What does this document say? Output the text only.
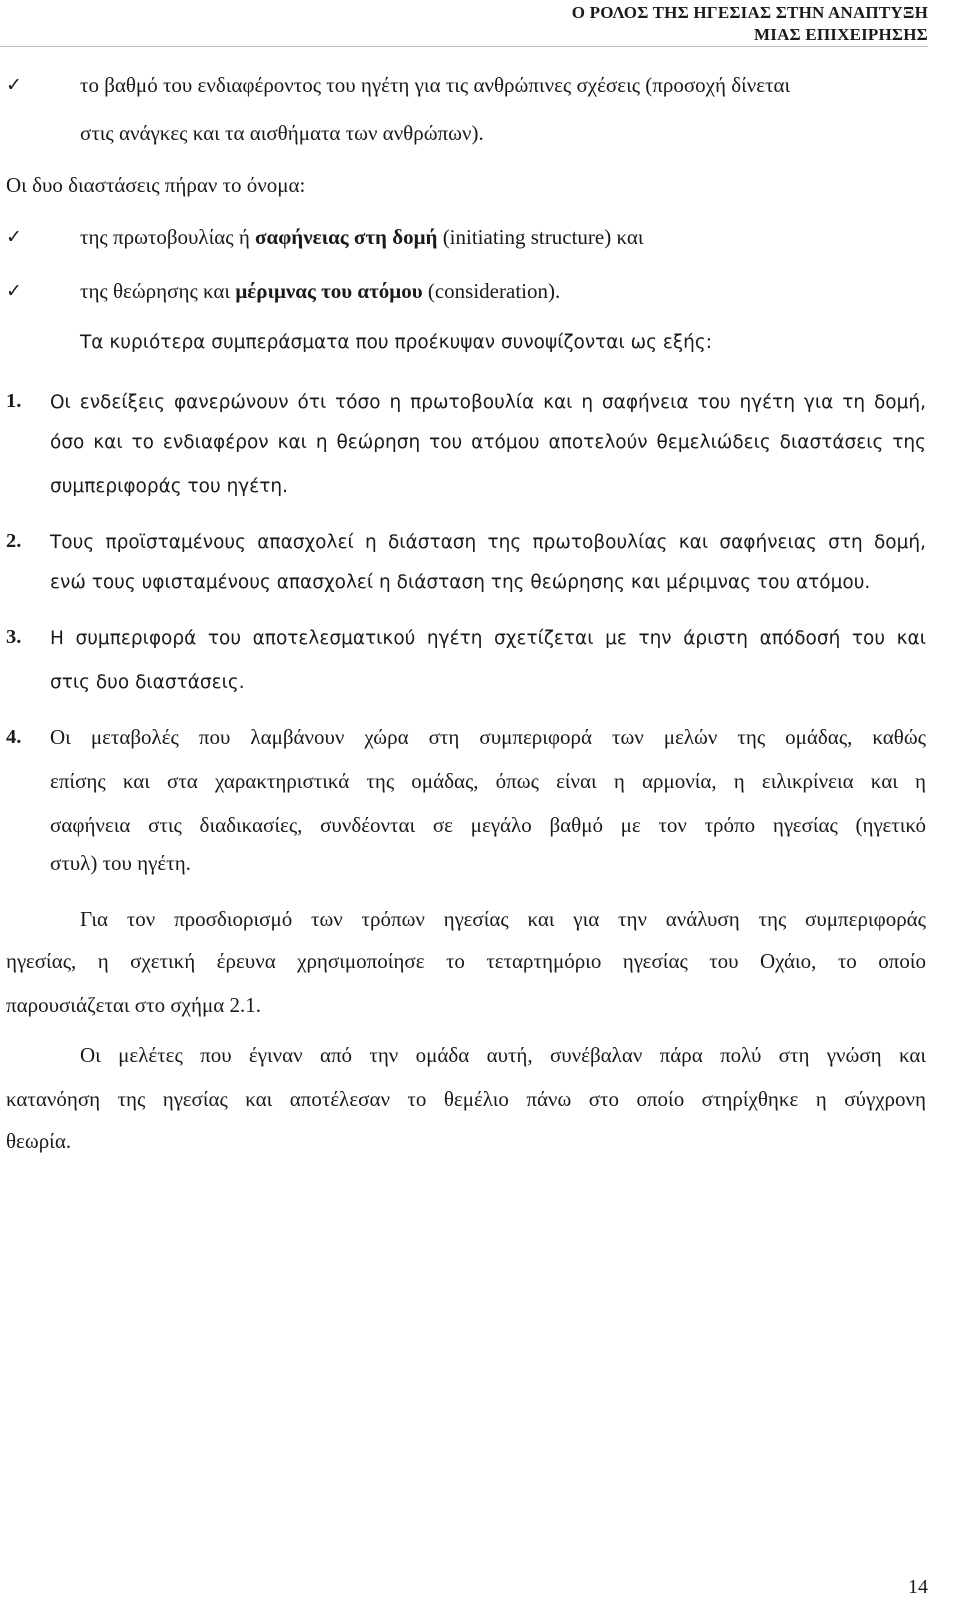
Ο ΡΟΛΟΣ ΤΗΣ ΗΓΕΣΙΑΣ ΣΤΗΝ ΑΝΑΠΤΥΞΗ
ΜΙΑΣ ΕΠΙΧΕΙΡΗΣΗΣ
✓	το βαθμό του ενδιαφέροντος του ηγέτη για τις ανθρώπινες σχέσεις (προσοχή δίνεται
στις ανάγκες και τα αισθήματα των ανθρώπων).
Οι δυο διαστάσεις πήραν το όνομα:
✓	της πρωτοβουλίας ή σαφήνειας στη δομή (initiating structure) και
✓	της θεώρησης και μέριμνας του ατόμου (consideration).
Τα κυριότερα συμπεράσματα που προέκυψαν συνοψίζονται ως εξής:
1. Οι ενδείξεις φανερώνουν ότι τόσο η πρωτοβουλία και η σαφήνεια του ηγέτη για τη δομή,
όσο και το ενδιαφέρον και η θεώρηση του ατόμου αποτελούν θεμελιώδεις διαστάσεις της
συμπεριφοράς του ηγέτη.
2. Τους προϊσταμένους απασχολεί η διάσταση της πρωτοβουλίας και σαφήνειας στη δομή,
ενώ τους υφισταμένους απασχολεί η διάσταση της θεώρησης και μέριμνας του ατόμου.
3. Η συμπεριφορά του αποτελεσματικού ηγέτη σχετίζεται με την άριστη απόδοσή του και
στις δυο διαστάσεις.
4. Οι μεταβολές που λαμβάνουν χώρα στη συμπεριφορά των μελών της ομάδας, καθώς
επίσης και στα χαρακτηριστικά της ομάδας, όπως είναι η αρμονία, η ειλικρίνεια και η
σαφήνεια στις διαδικασίες, συνδέονται σε μεγάλο βαθμό με τον τρόπο ηγεσίας (ηγετικό
στυλ) του ηγέτη.
Για τον προσδιορισμό των τρόπων ηγεσίας και για την ανάλυση της συμπεριφοράς
ηγεσίας, η σχετική έρευνα χρησιμοποίησε το τεταρτημόριο ηγεσίας του Οχάιο, το οποίο
παρουσιάζεται στο σχήμα 2.1.
Οι μελέτες που έγιναν από την ομάδα αυτή, συνέβαλαν πάρα πολύ στη γνώση και
κατανόηση της ηγεσίας και αποτέλεσαν το θεμέλιο πάνω στο οποίο στηρίχθηκε η σύγχρονη
θεωρία.
14
